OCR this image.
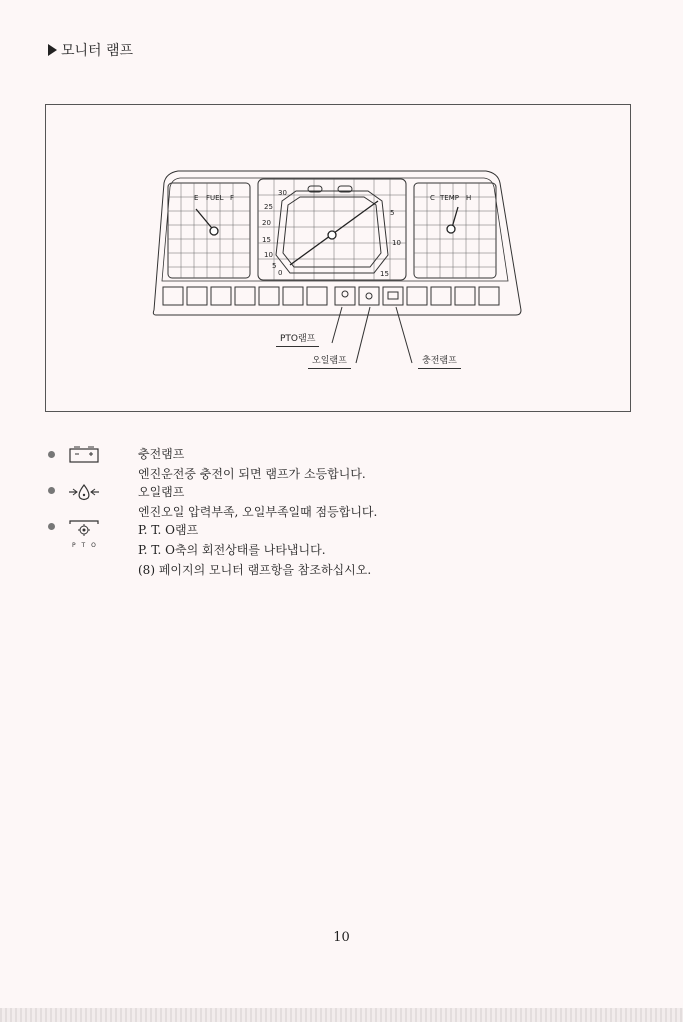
모니터 램프
E FUEL F	C TEMP H
30
25
20
15
10
5
0
5
10
15
PTO램프
오일램프	충전램프
충전램프
엔진운전중 충전이 되면 램프가 소등합니다.
오일램프
엔진오일 압력부족, 오일부족일때 점등합니다.
P T O
P. T. O램프
P. T. O축의 회전상태를 나타냅니다.
(8) 페이지의 모니터 램프항을 참조하십시오.
10
